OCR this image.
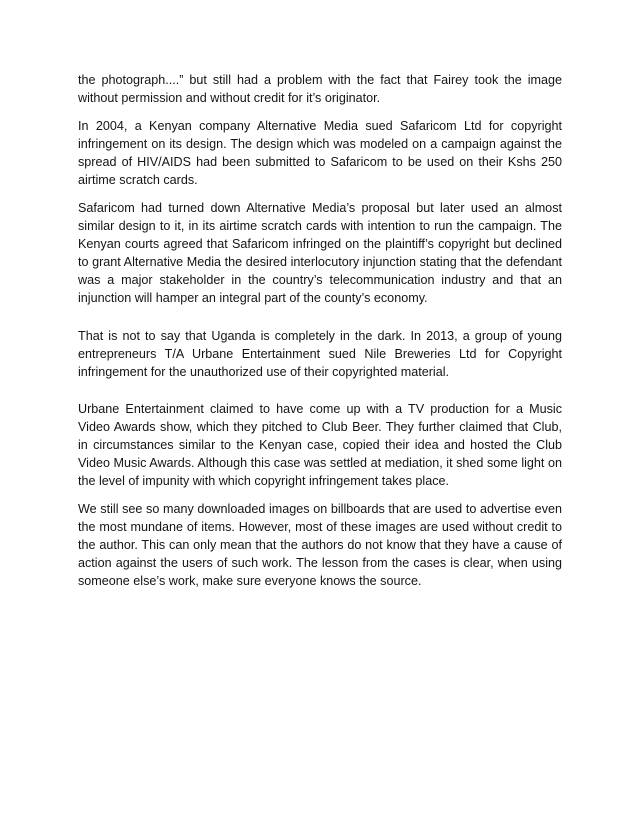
the photograph....” but still had a problem with the fact that Fairey took the image without permission and without credit for it’s originator.

In 2004, a Kenyan company Alternative Media sued Safaricom Ltd for copyright infringement on its design. The design which was modeled on a campaign against the spread of HIV/AIDS had been submitted to Safaricom to be used on their Kshs 250 airtime scratch cards.

Safaricom had turned down Alternative Media’s proposal but later used an almost similar design to it, in its airtime scratch cards with intention to run the campaign. The Kenyan courts agreed that Safaricom infringed on the plaintiff’s copyright but declined to grant Alternative Media the desired interlocutory injunction stating that the defendant was a major stakeholder in the country’s telecommunication industry and that an injunction will hamper an integral part of the county’s economy.

That is not to say that Uganda is completely in the dark. In 2013, a group of young entrepreneurs T/A Urbane Entertainment sued Nile Breweries Ltd for Copyright infringement for the unauthorized use of their copyrighted material.

Urbane Entertainment claimed to have come up with a TV production for a Music Video Awards show, which they pitched to Club Beer. They further claimed that Club, in circumstances similar to the Kenyan case, copied their idea and hosted the Club Video Music Awards. Although this case was settled at mediation, it shed some light on the level of impunity with which copyright infringement takes place.

We still see so many downloaded images on billboards that are used to advertise even the most mundane of items. However, most of these images are used without credit to the author. This can only mean that the authors do not know that they have a cause of action against the users of such work. The lesson from the cases is clear, when using someone else’s work, make sure everyone knows the source.
